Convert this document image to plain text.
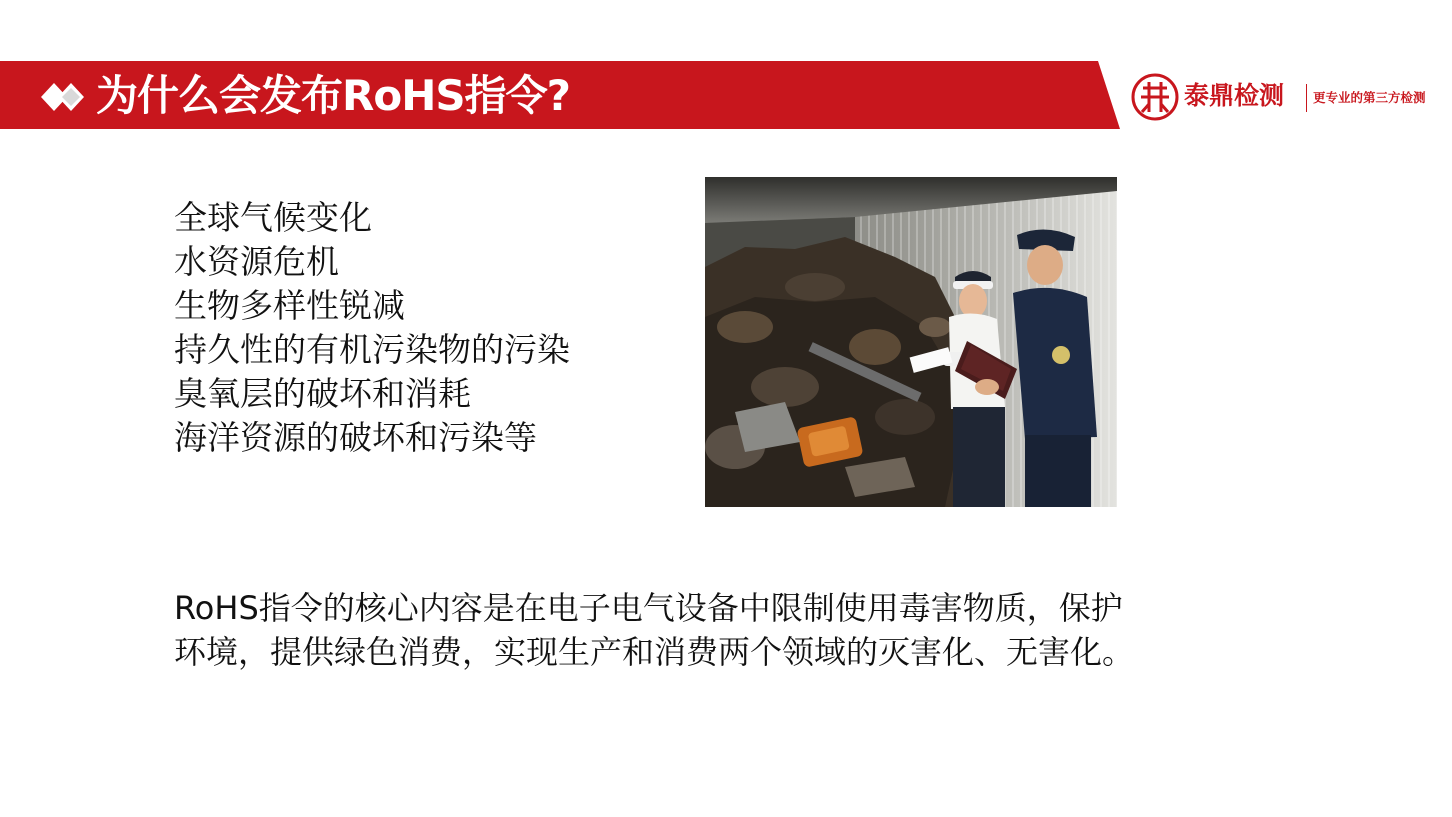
为什么会发布RoHS指令?	泰鼎检测 更专业的第三方检测
全球气候变化
水资源危机
生物多样性锐减
持久性的有机污染物的污染
臭氧层的破坏和消耗
海洋资源的破坏和污染等

RoHS指令的核心内容是在电子电气设备中限制使用毒害物质，保护

环境，提供绿色消费，实现生产和消费两个领域的灭害化、无害化。
